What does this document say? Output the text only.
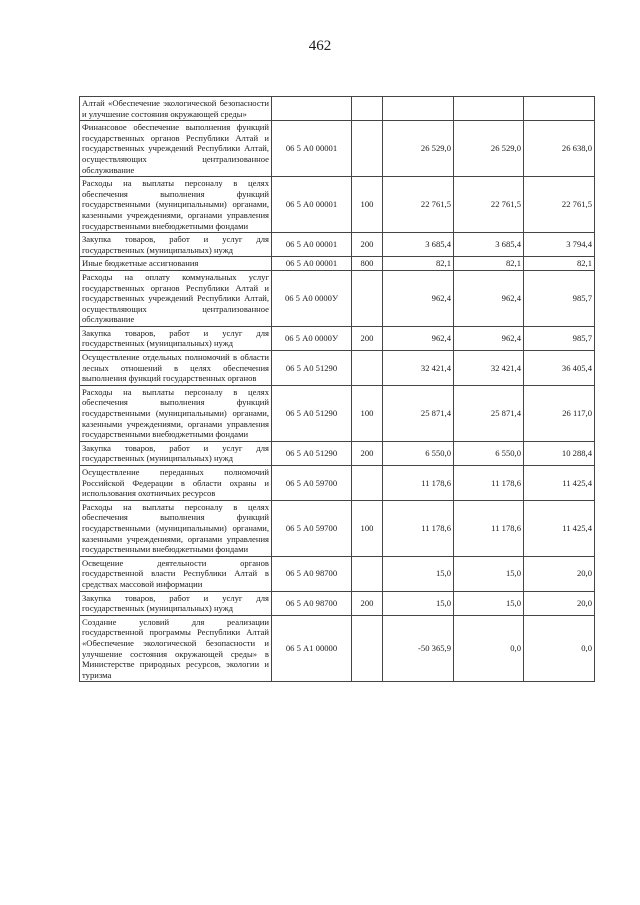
462
Алтай «Обеспечение экологической безопасности и улучшение состояния окружающей среды»					
Финансовое обеспечение выполнения функций государственных органов Республики Алтай и государственных учреждений Республики Алтай, осуществляющих централизованное обслуживание	06 5 А0 00001		26 529,0	26 529,0	26 638,0
Расходы на выплаты персоналу в целях обеспечения выполнения функций государственными (муниципальными) органами, казенными учреждениями, органами управления государственными внебюджетными фондами	06 5 А0 00001	100	22 761,5	22 761,5	22 761,5
Закупка товаров, работ и услуг для государственных (муниципальных) нужд	06 5 А0 00001	200	3 685,4	3 685,4	3 794,4
Иные бюджетные ассигнования	06 5 А0 00001	800	82,1	82,1	82,1
Расходы на оплату коммунальных услуг государственных органов Республики Алтай и государственных учреждений Республики Алтай, осуществляющих централизованное обслуживание	06 5 А0 0000У		962,4	962,4	985,7
Закупка товаров, работ и услуг для государственных (муниципальных) нужд	06 5 А0 0000У	200	962,4	962,4	985,7
Осуществление отдельных полномочий в области лесных отношений в целях обеспечения выполнения функций государственных органов	06 5 А0 51290		32 421,4	32 421,4	36 405,4
Расходы на выплаты персоналу в целях обеспечения выполнения функций государственными (муниципальными) органами, казенными учреждениями, органами управления государственными внебюджетными фондами	06 5 А0 51290	100	25 871,4	25 871,4	26 117,0
Закупка товаров, работ и услуг для государственных (муниципальных) нужд	06 5 А0 51290	200	6 550,0	6 550,0	10 288,4
Осуществление переданных полномочий Российской Федерации в области охраны и использования охотничьих ресурсов	06 5 А0 59700		11 178,6	11 178,6	11 425,4
Расходы на выплаты персоналу в целях обеспечения выполнения функций государственными (муниципальными) органами, казенными учреждениями, органами управления государственными внебюджетными фондами	06 5 А0 59700	100	11 178,6	11 178,6	11 425,4
Освещение деятельности органов государственной власти Республики Алтай в средствах массовой информации	06 5 А0 98700		15,0	15,0	20,0
Закупка товаров, работ и услуг для государственных (муниципальных) нужд	06 5 А0 98700	200	15,0	15,0	20,0
Создание условий для реализации государственной программы Республики Алтай «Обеспечение экологической безопасности и улучшение состояния окружающей среды» в Министерстве природных ресурсов, экологии и туризма	06 5 А1 00000		-50 365,9	0,0	0,0
